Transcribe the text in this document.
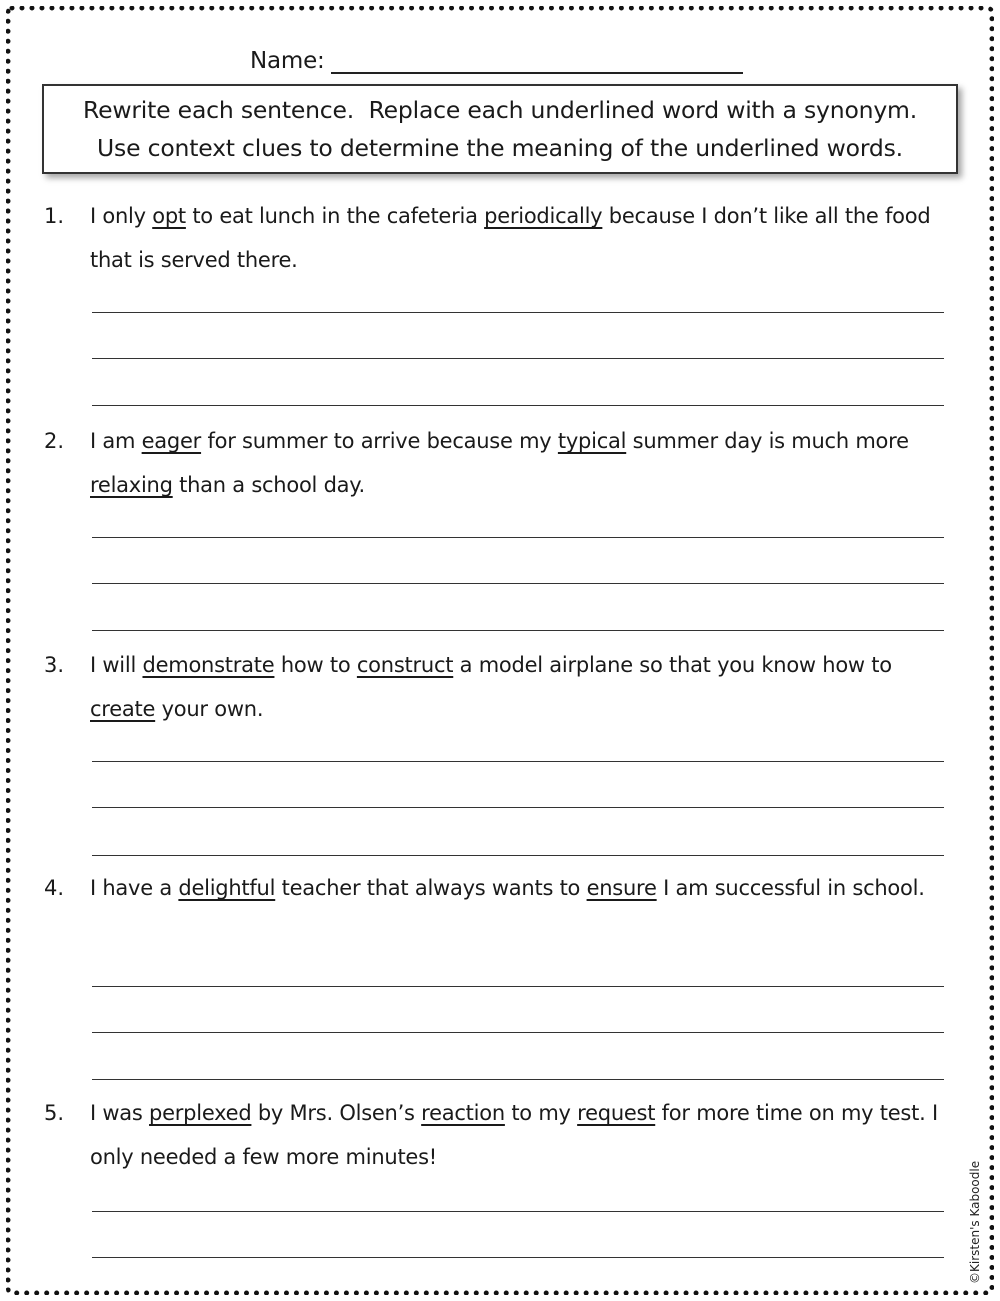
Name:
Rewrite each sentence.  Replace each underlined word with a synonym.
Use context clues to determine the meaning of the underlined words.
1. I only opt to eat lunch in the cafeteria periodically because I don’t like all the food that is served there.
2. I am eager for summer to arrive because my typical summer day is much more relaxing than a school day.
3. I will demonstrate how to construct a model airplane so that you know how to create your own.
4. I have a delightful teacher that always wants to ensure I am successful in school.
5. I was perplexed by Mrs. Olsen’s reaction to my request for more time on my test. I only needed a few more minutes!
©Kirsten's Kaboodle
